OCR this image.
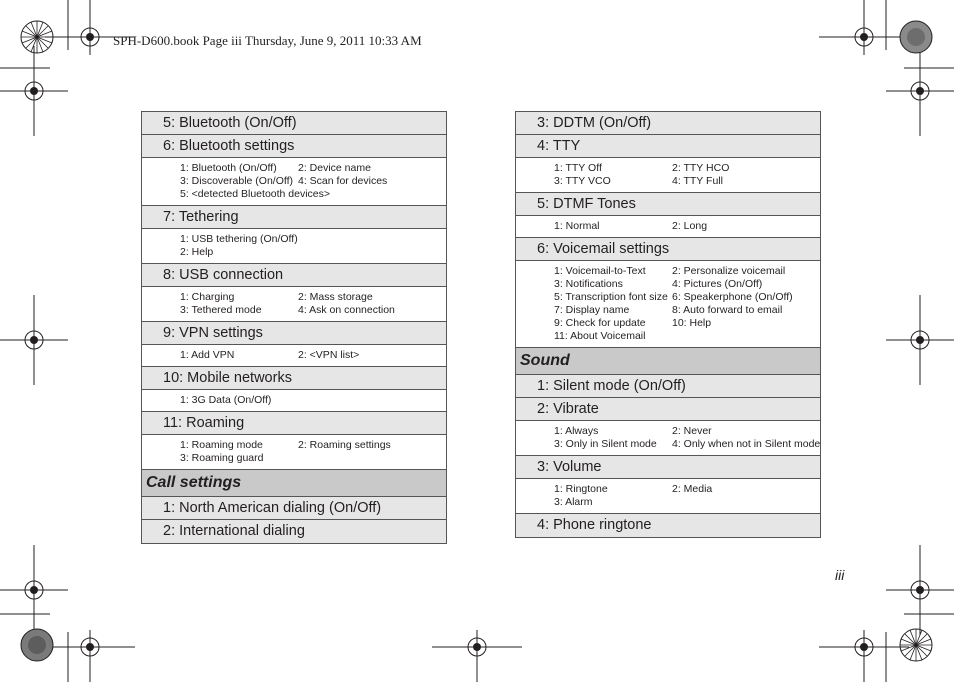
SPH-D600.book Page iii Thursday, June 9, 2011 10:33 AM
5: Bluetooth (On/Off)
6: Bluetooth settings
1: Bluetooth (On/Off)	2: Device name
3: Discoverable (On/Off) 4: Scan for devices
5: <detected Bluetooth devices>
7: Tethering
1: USB tethering (On/Off)
2: Help
8: USB connection
1: Charging	2: Mass storage
3: Tethered mode	4: Ask on connection
9: VPN settings
1: Add VPN	2: <VPN list>
10: Mobile networks
1: 3G Data (On/Off)
11: Roaming
1: Roaming mode	2: Roaming settings
3: Roaming guard
Call settings
1: North American dialing (On/Off)
2: International dialing
3: DDTM (On/Off)
4: TTY
1: TTY Off	2: TTY HCO
3: TTY VCO	4: TTY Full
5: DTMF Tones
1: Normal	2: Long
6: Voicemail settings
1: Voicemail-to-Text	2: Personalize voicemail
3: Notifications	4: Pictures (On/Off)
5: Transcription font size 6: Speakerphone (On/Off)
7: Display name	8: Auto forward to email
9: Check for update	10: Help
11: About Voicemail
Sound
1: Silent mode (On/Off)
2: Vibrate
1: Always	2: Never
3: Only in Silent mode	4: Only when not in Silent mode
3: Volume
1: Ringtone	2: Media
3: Alarm
4: Phone ringtone
iii
